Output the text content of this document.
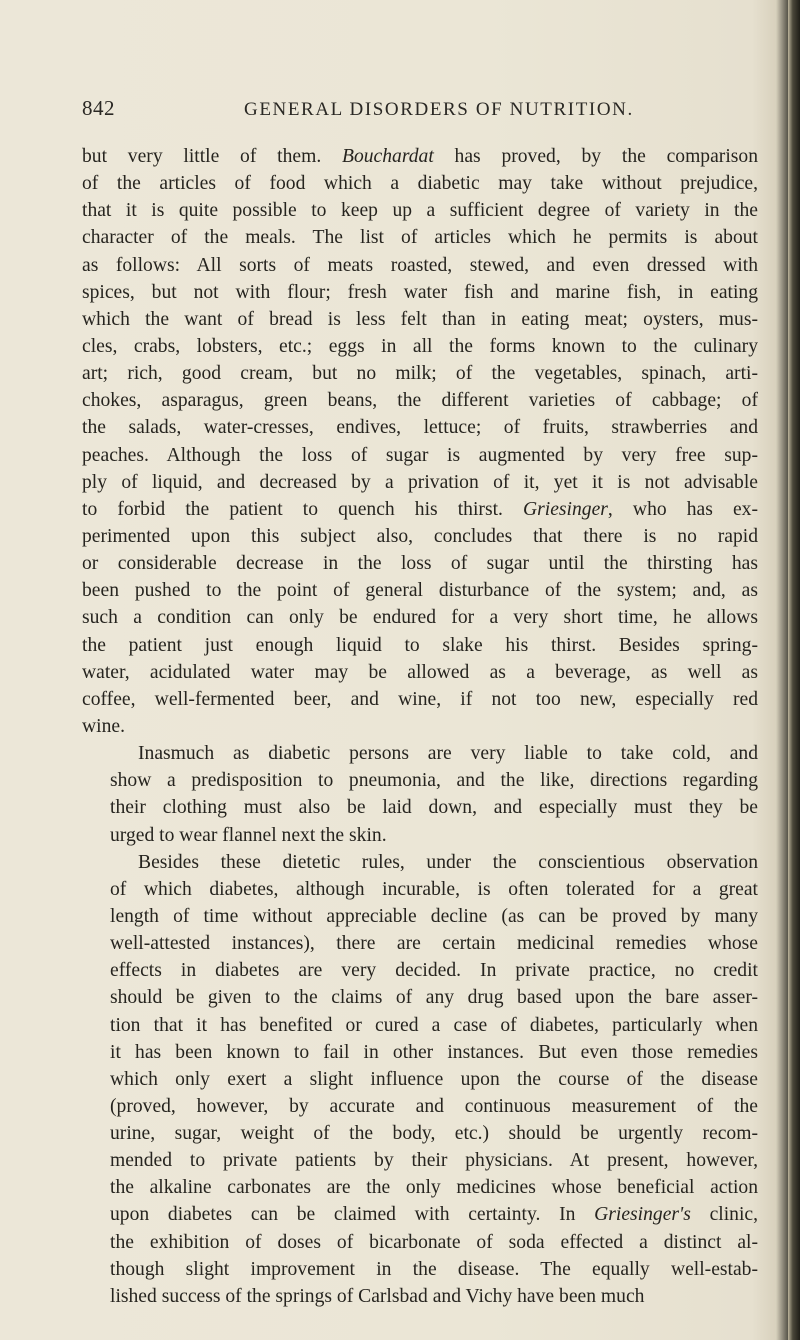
842	GENERAL DISORDERS OF NUTRITION.
but very little of them. Bouchardat has proved, by the comparison
of the articles of food which a diabetic may take without prejudice,
that it is quite possible to keep up a sufficient degree of variety in the
character of the meals. The list of articles which he permits is about
as follows: All sorts of meats roasted, stewed, and even dressed with
spices, but not with flour; fresh water fish and marine fish, in eating
which the want of bread is less felt than in eating meat; oysters, mus-
cles, crabs, lobsters, etc.; eggs in all the forms known to the culinary
art; rich, good cream, but no milk; of the vegetables, spinach, arti-
chokes, asparagus, green beans, the different varieties of cabbage; of
the salads, water-cresses, endives, lettuce; of fruits, strawberries and
peaches. Although the loss of sugar is augmented by very free sup-
ply of liquid, and decreased by a privation of it, yet it is not advisable
to forbid the patient to quench his thirst. Griesinger, who has ex-
perimented upon this subject also, concludes that there is no rapid
or considerable decrease in the loss of sugar until the thirsting has
been pushed to the point of general disturbance of the system; and, as
such a condition can only be endured for a very short time, he allows
the patient just enough liquid to slake his thirst. Besides spring-
water, acidulated water may be allowed as a beverage, as well as
coffee, well-fermented beer, and wine, if not too new, especially red
wine.
Inasmuch as diabetic persons are very liable to take cold, and
show a predisposition to pneumonia, and the like, directions regarding
their clothing must also be laid down, and especially must they be
urged to wear flannel next the skin.
Besides these dietetic rules, under the conscientious observation
of which diabetes, although incurable, is often tolerated for a great
length of time without appreciable decline (as can be proved by many
well-attested instances), there are certain medicinal remedies whose
effects in diabetes are very decided. In private practice, no credit
should be given to the claims of any drug based upon the bare asser-
tion that it has benefited or cured a case of diabetes, particularly when
it has been known to fail in other instances. But even those remedies
which only exert a slight influence upon the course of the disease
(proved, however, by accurate and continuous measurement of the
urine, sugar, weight of the body, etc.) should be urgently recom-
mended to private patients by their physicians. At present, however,
the alkaline carbonates are the only medicines whose beneficial action
upon diabetes can be claimed with certainty. In Griesinger's clinic,
the exhibition of doses of bicarbonate of soda effected a distinct al-
though slight improvement in the disease. The equally well-estab-
lished success of the springs of Carlsbad and Vichy have been much
